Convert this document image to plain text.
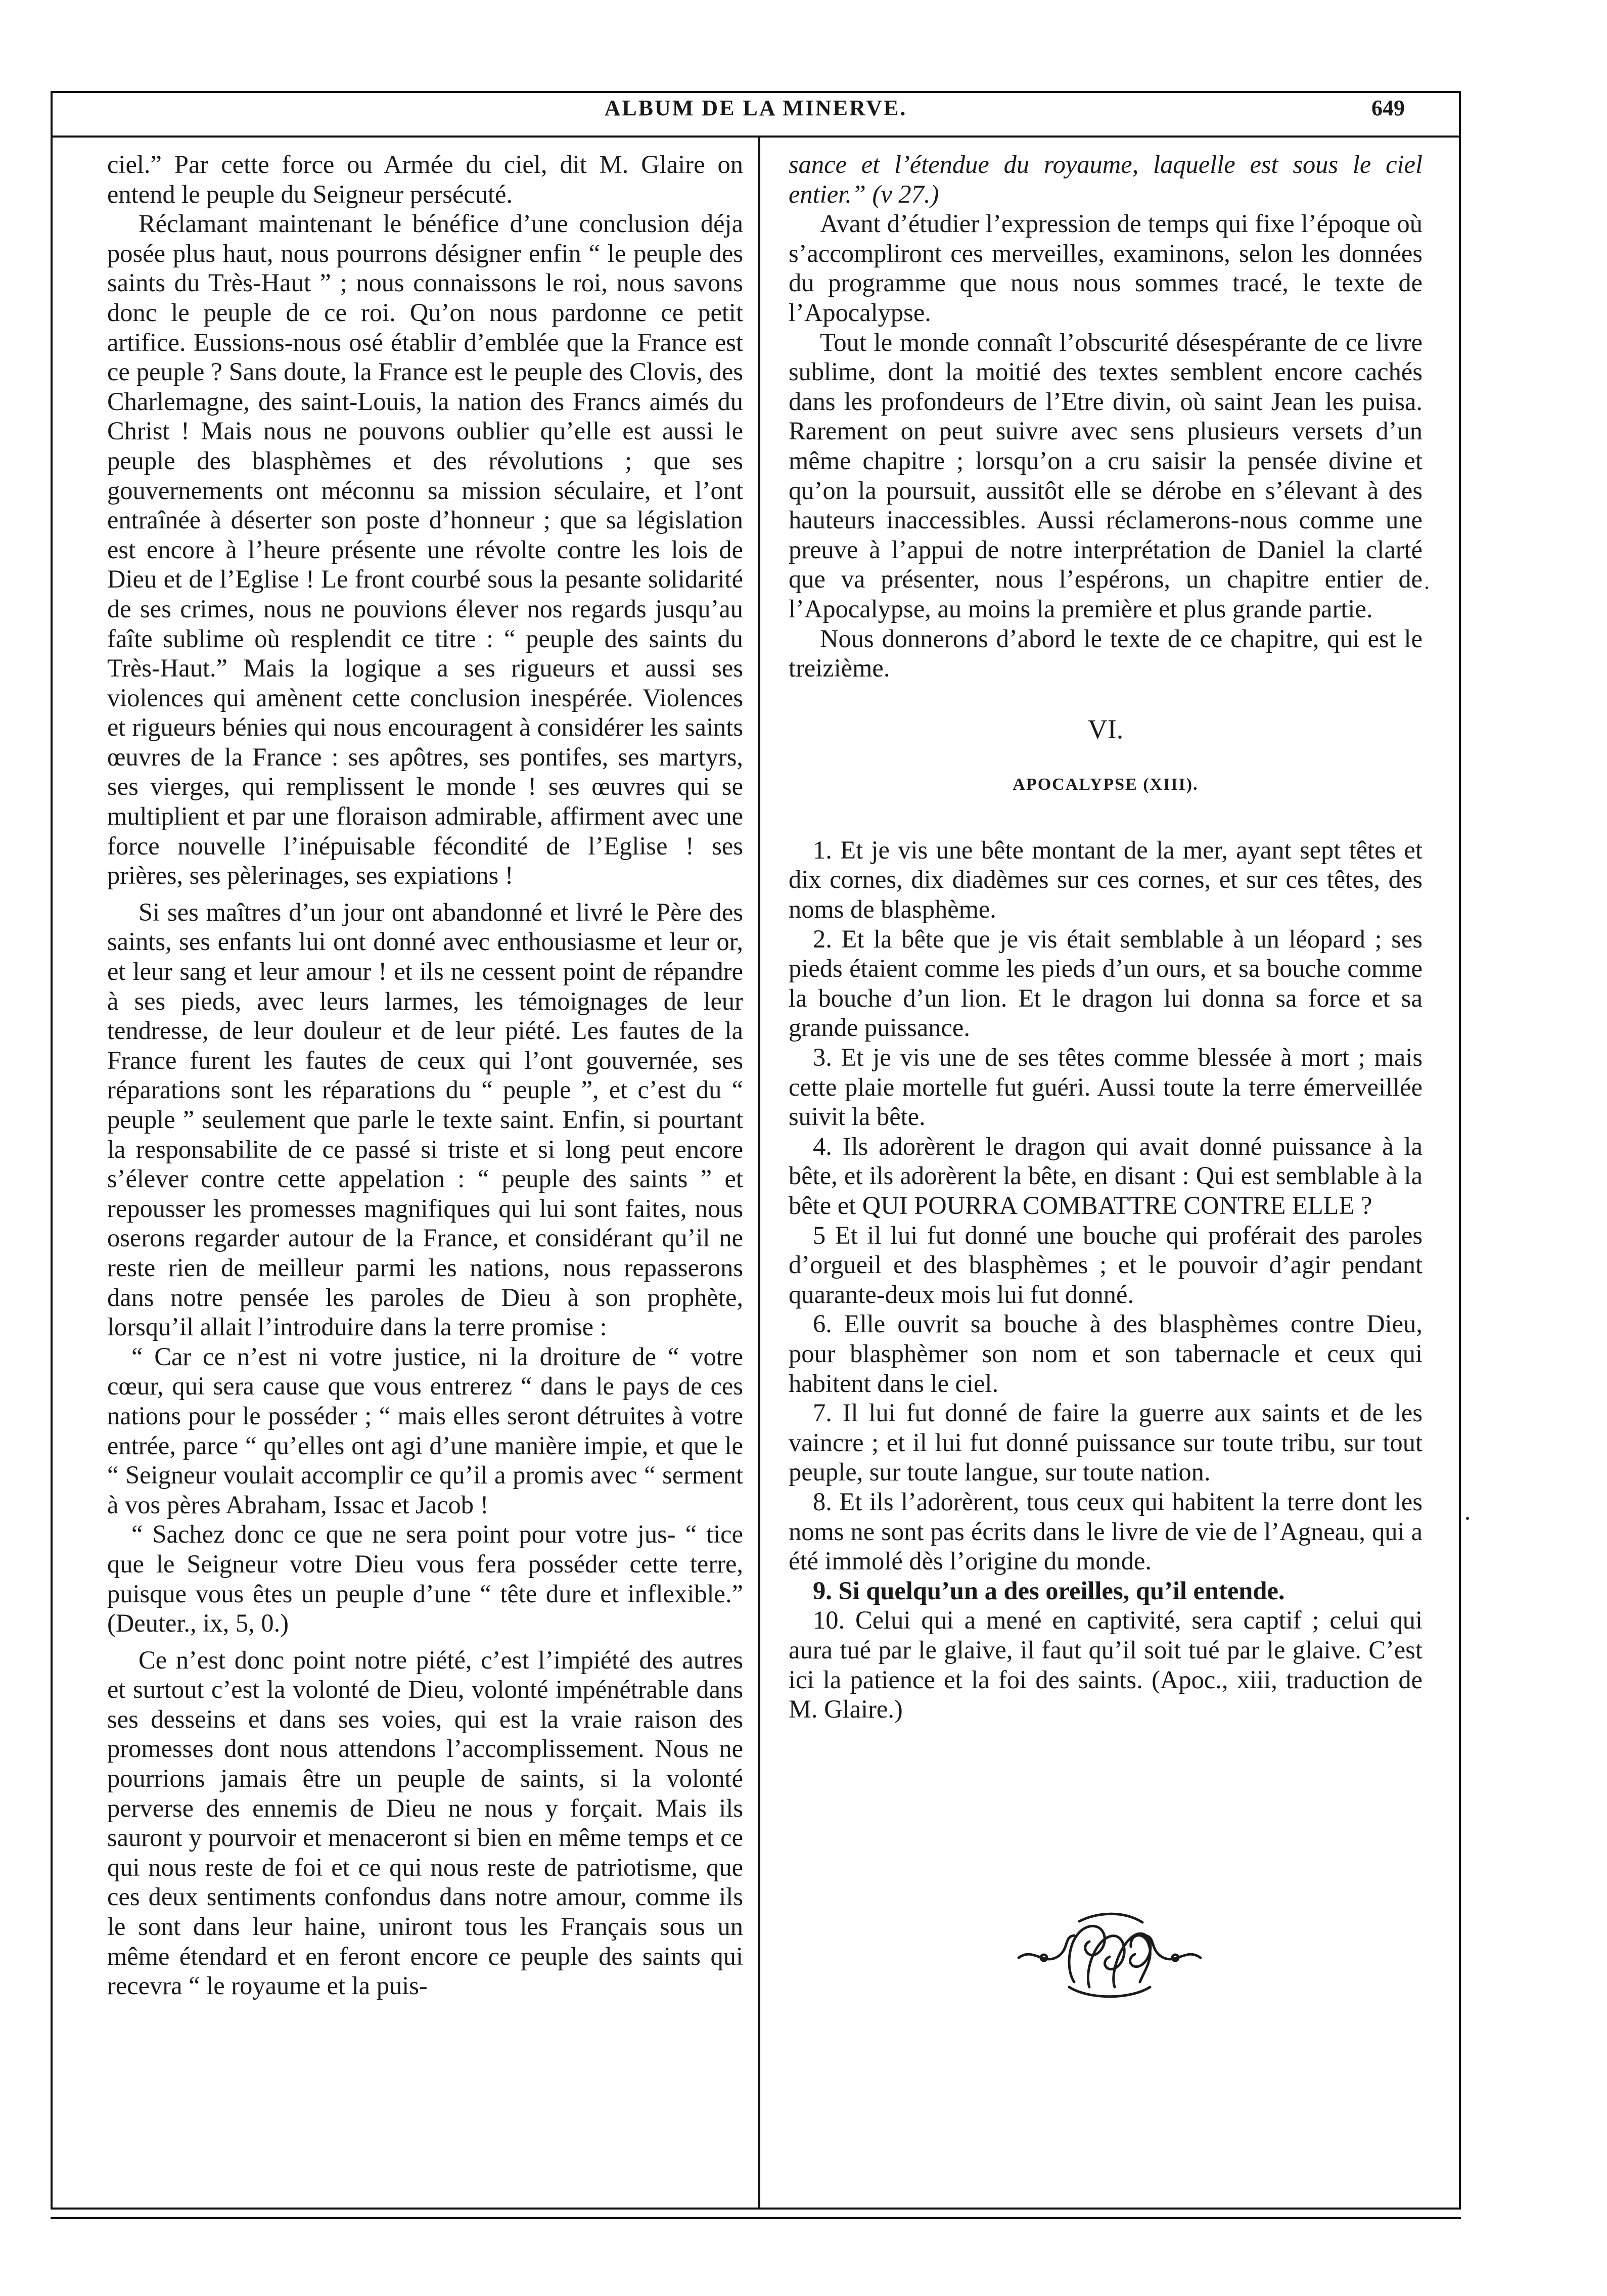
ALBUM DE LA MINERVE.	649

ciel.” Par cette force ou Armée du ciel, dit M. Glaire on entend le peuple du Seigneur persécuté.

Réclamant maintenant le bénéfice d’une conclusion déja posée plus haut, nous pourrons désigner enfin “ le peuple des saints du Très-Haut ” ; nous connaissons le roi, nous savons donc le peuple de ce roi. Qu’on nous pardonne ce petit artifice. Eussions-nous osé établir d’emblée que la France est ce peuple ? Sans doute, la France est le peuple des Clovis, des Charlemagne, des saint-Louis, la nation des Francs aimés du Christ ! Mais nous ne pouvons oublier qu’elle est aussi le peuple des blasphèmes et des révolutions ; que ses gouvernements ont méconnu sa mission séculaire, et l’ont entraînée à déserter son poste d’honneur ; que sa législation est encore à l’heure présente une révolte contre les lois de Dieu et de l’Eglise ! Le front courbé sous la pesante solidarité de ses crimes, nous ne pouvions élever nos regards jusqu’au faîte sublime où resplendit ce titre : “ peuple des saints du Très-Haut.” Mais la logique a ses rigueurs et aussi ses violences qui amènent cette conclusion inespérée. Violences et rigueurs bénies qui nous encouragent à considérer les saints œuvres de la France : ses apôtres, ses pontifes, ses martyrs, ses vierges, qui remplissent le monde ! ses œuvres qui se multiplient et par une floraison admirable, affirment avec une force nouvelle l’inépuisable fécondité de l’Eglise ! ses prières, ses pèlerinages, ses expiations !

Si ses maîtres d’un jour ont abandonné et livré le Père des saints, ses enfants lui ont donné avec enthousiasme et leur or, et leur sang et leur amour ! et ils ne cessent point de répandre à ses pieds, avec leurs larmes, les témoignages de leur tendresse, de leur douleur et de leur piété. Les fautes de la France furent les fautes de ceux qui l’ont gouvernée, ses réparations sont les réparations du “ peuple ”, et c’est du “ peuple ” seulement que parle le texte saint. Enfin, si pourtant la responsabilite de ce passé si triste et si long peut encore s’élever contre cette appelation : “ peuple des saints ” et repousser les promesses magnifiques qui lui sont faites, nous oserons regarder autour de la France, et considérant qu’il ne reste rien de meilleur parmi les nations, nous repasserons dans notre pensée les paroles de Dieu à son prophète, lorsqu’il allait l’introduire dans la terre promise :

“ Car ce n’est ni votre justice, ni la droiture de “ votre cœur, qui sera cause que vous entrerez “ dans le pays de ces nations pour le posséder ; “ mais elles seront détruites à votre entrée, parce “ qu’elles ont agi d’une manière impie, et que le “ Seigneur voulait accomplir ce qu’il a promis avec “ serment à vos pères Abraham, Issac et Jacob !

“ Sachez donc ce que ne sera point pour votre jus- “ tice que le Seigneur votre Dieu vous fera posséder cette terre, puisque vous êtes un peuple d’une “ tête dure et inflexible.” (Deuter., ix, 5, 0.)

Ce n’est donc point notre piété, c’est l’impiété des autres et surtout c’est la volonté de Dieu, volonté impénétrable dans ses desseins et dans ses voies, qui est la vraie raison des promesses dont nous attendons l’accomplissement. Nous ne pourrions jamais être un peuple de saints, si la volonté perverse des ennemis de Dieu ne nous y forçait. Mais ils sauront y pourvoir et menaceront si bien en même temps et ce qui nous reste de foi et ce qui nous reste de patriotisme, que ces deux sentiments confondus dans notre amour, comme ils le sont dans leur haine, uniront tous les Français sous un même étendard et en feront encore ce peuple des saints qui recevra “ le royaume et la puis-

sance et l’étendue du royaume, laquelle est sous le ciel entier.” (v 27.)

Avant d’étudier l’expression de temps qui fixe l’époque où s’accompliront ces merveilles, examinons, selon les données du programme que nous nous sommes tracé, le texte de l’Apocalypse.

Tout le monde connaît l’obscurité désespérante de ce livre sublime, dont la moitié des textes semblent encore cachés dans les profondeurs de l’Etre divin, où saint Jean les puisa. Rarement on peut suivre avec sens plusieurs versets d’un même chapitre ; lorsqu’on a cru saisir la pensée divine et qu’on la poursuit, aussitôt elle se dérobe en s’élevant à des hauteurs inaccessibles. Aussi réclamerons-nous comme une preuve à l’appui de notre interprétation de Daniel la clarté que va présenter, nous l’espérons, un chapitre entier de l’Apocalypse, au moins la première et plus grande partie.

Nous donnerons d’abord le texte de ce chapitre, qui est le treizième.

VI.

APOCALYPSE (XIII).

1. Et je vis une bête montant de la mer, ayant sept têtes et dix cornes, dix diadèmes sur ces cornes, et sur ces têtes, des noms de blasphème.

2. Et la bête que je vis était semblable à un léopard ; ses pieds étaient comme les pieds d’un ours, et sa bouche comme la bouche d’un lion. Et le dragon lui donna sa force et sa grande puissance.

3. Et je vis une de ses têtes comme blessée à mort ; mais cette plaie mortelle fut guéri. Aussi toute la terre émerveillée suivit la bête.

4. Ils adorèrent le dragon qui avait donné puissance à la bête, et ils adorèrent la bête, en disant : Qui est semblable à la bête et QUI POURRA COMBATTRE CONTRE ELLE ?

5 Et il lui fut donné une bouche qui proférait des paroles d’orgueil et des blasphèmes ; et le pouvoir d’agir pendant quarante-deux mois lui fut donné.

6. Elle ouvrit sa bouche à des blasphèmes contre Dieu, pour blasphèmer son nom et son tabernacle et ceux qui habitent dans le ciel.

7. Il lui fut donné de faire la guerre aux saints et de les vaincre ; et il lui fut donné puissance sur toute tribu, sur tout peuple, sur toute langue, sur toute nation.

8. Et ils l’adorèrent, tous ceux qui habitent la terre dont les noms ne sont pas écrits dans le livre de vie de l’Agneau, qui a été immolé dès l’origine du monde.

9. Si quelqu’un a des oreilles, qu’il entende.

10. Celui qui a mené en captivité, sera captif ; celui qui aura tué par le glaive, il faut qu’il soit tué par le glaive. C’est ici la patience et la foi des saints. (Apoc., xiii, traduction de M. Glaire.)
